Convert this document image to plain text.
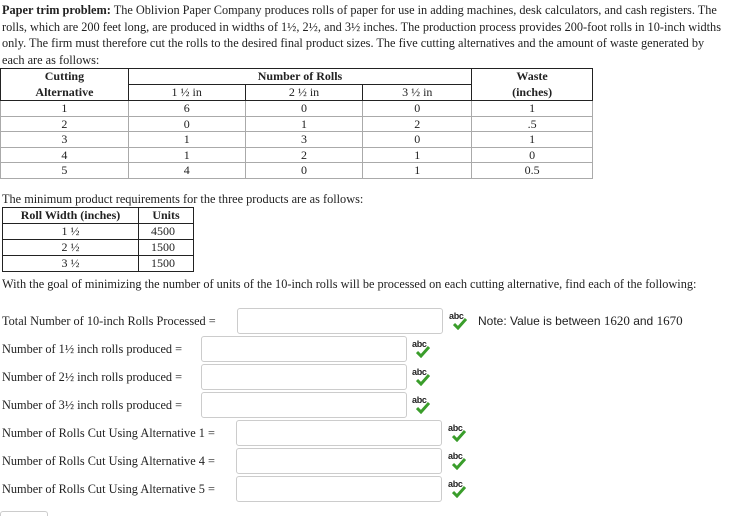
Paper trim problem: The Oblivion Paper Company produces rolls of paper for use in adding machines, desk calculators, and cash registers. The rolls, which are 200 feet long, are produced in widths of 1½, 2½, and 3½ inches. The production process provides 200-foot rolls in 10-inch widths only. The firm must therefore cut the rolls to the desired final product sizes. The five cutting alternatives and the amount of waste generated by each are as follows:
Cutting	Number of Rolls			Waste
Alternative	1 ½ in	2 ½ in	3 ½ in	(inches)
1	6	0	0	1
2	0	1	2	.5
3	1	3	0	1
4	1	2	1	0
5	4	0	1	0.5
The minimum product requirements for the three products are as follows:
Roll Width (inches)	Units
1 ½	4500
2 ½	1500
3 ½	1500
With the goal of minimizing the number of units of the 10-inch rolls will be processed on each cutting alternative, find each of the following:
Total Number of 10-inch Rolls Processed =	abc Note: Value is between 1620 and 1670
Number of 1½ inch rolls produced =	abc
Number of 2½ inch rolls produced =	abc
Number of 3½ inch rolls produced =	abc
Number of Rolls Cut Using Alternative 1 =	abc
Number of Rolls Cut Using Alternative 4 =	abc
Number of Rolls Cut Using Alternative 5 =	abc
